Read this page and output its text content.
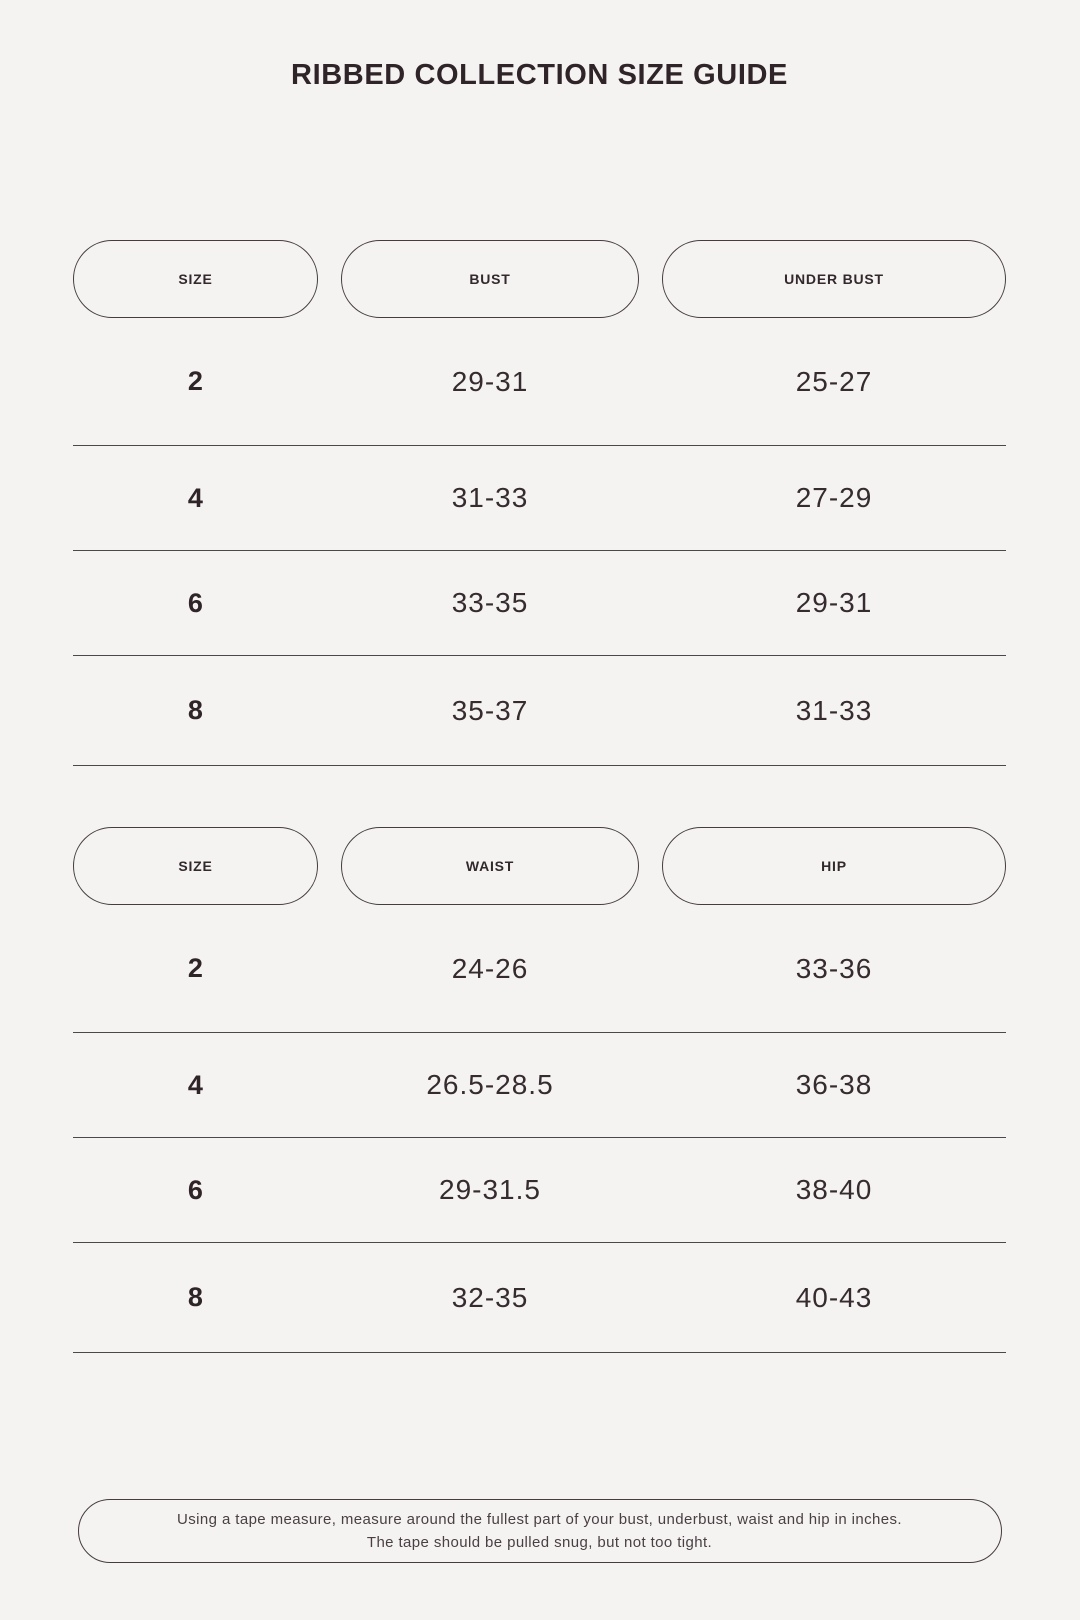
RIBBED COLLECTION SIZE GUIDE
SIZE	BUST	UNDER BUST
2	29-31	25-27
4	31-33	27-29
6	33-35	29-31
8	35-37	31-33
SIZE	WAIST	HIP
2	24-26	33-36
4	26.5-28.5	36-38
6	29-31.5	38-40
8	32-35	40-43
Using a tape measure, measure around the fullest part of your bust, underbust, waist and hip in inches.
The tape should be pulled snug, but not too tight.
